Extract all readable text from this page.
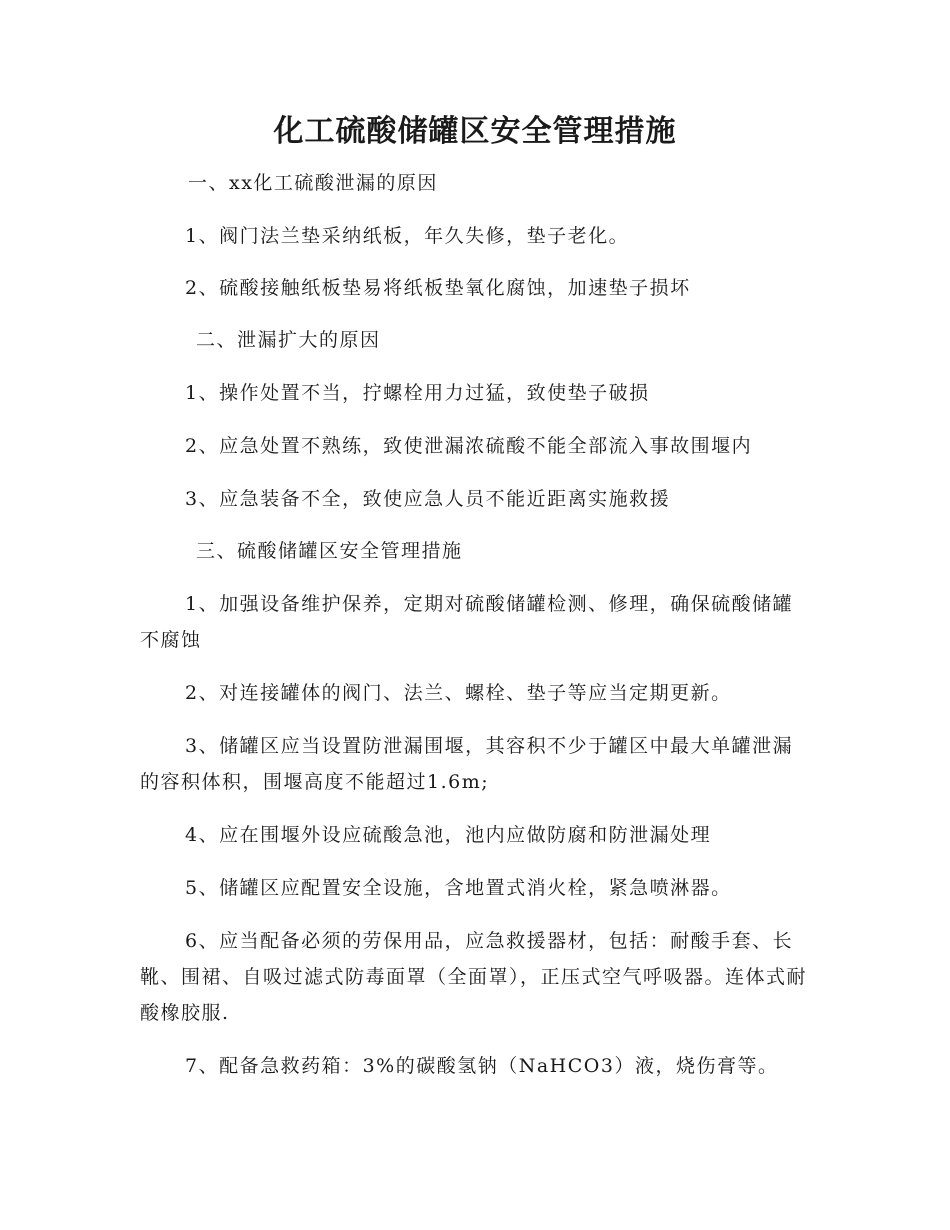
化工硫酸储罐区安全管理措施
一、xx化工硫酸泄漏的原因
1、阀门法兰垫采纳纸板，年久失修，垫子老化。
2、硫酸接触纸板垫易将纸板垫氧化腐蚀，加速垫子损坏
二、泄漏扩大的原因
1、操作处置不当，拧螺栓用力过猛，致使垫子破损
2、应急处置不熟练，致使泄漏浓硫酸不能全部流入事故围堰内
3、应急装备不全，致使应急人员不能近距离实施救援
三、硫酸储罐区安全管理措施
1、加强设备维护保养，定期对硫酸储罐检测、修理，确保硫酸储罐不腐蚀
2、对连接罐体的阀门、法兰、螺栓、垫子等应当定期更新。
3、储罐区应当设置防泄漏围堰，其容积不少于罐区中最大单罐泄漏的容积体积，围堰高度不能超过1.6m;
4、应在围堰外设应硫酸急池，池内应做防腐和防泄漏处理
5、储罐区应配置安全设施，含地置式消火栓，紧急喷淋器。
6、应当配备必须的劳保用品，应急救援器材，包括：耐酸手套、长靴、围裙、自吸过滤式防毒面罩（全面罩），正压式空气呼吸器。连体式耐酸橡胶服.
7、配备急救药箱：3%的碳酸氢钠（NaHCO3）液，烧伤膏等。
